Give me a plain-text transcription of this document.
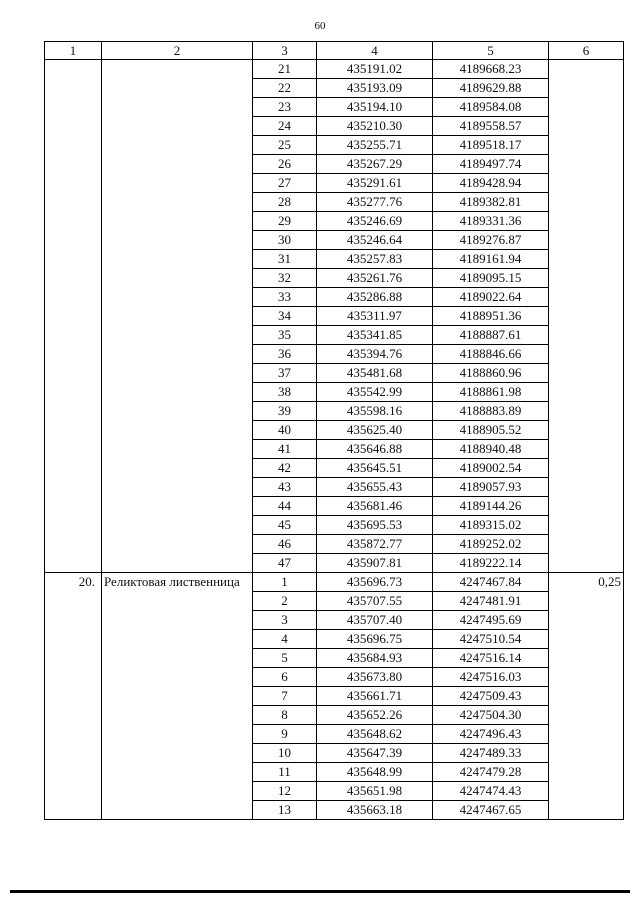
60
1	2	3	4	5	6
		21	435191.02	4189668.23	
		22	435193.09	4189629.88	
		23	435194.10	4189584.08	
		24	435210.30	4189558.57	
		25	435255.71	4189518.17	
		26	435267.29	4189497.74	
		27	435291.61	4189428.94	
		28	435277.76	4189382.81	
		29	435246.69	4189331.36	
		30	435246.64	4189276.87	
		31	435257.83	4189161.94	
		32	435261.76	4189095.15	
		33	435286.88	4189022.64	
		34	435311.97	4188951.36	
		35	435341.85	4188887.61	
		36	435394.76	4188846.66	
		37	435481.68	4188860.96	
		38	435542.99	4188861.98	
		39	435598.16	4188883.89	
		40	435625.40	4188905.52	
		41	435646.88	4188940.48	
		42	435645.51	4189002.54	
		43	435655.43	4189057.93	
		44	435681.46	4189144.26	
		45	435695.53	4189315.02	
		46	435872.77	4189252.02	
		47	435907.81	4189222.14	
20.	Реликтовая лиственница	1	435696.73	4247467.84	0,25
		2	435707.55	4247481.91	
		3	435707.40	4247495.69	
		4	435696.75	4247510.54	
		5	435684.93	4247516.14	
		6	435673.80	4247516.03	
		7	435661.71	4247509.43	
		8	435652.26	4247504.30	
		9	435648.62	4247496.43	
		10	435647.39	4247489.33	
		11	435648.99	4247479.28	
		12	435651.98	4247474.43	
		13	435663.18	4247467.65	
